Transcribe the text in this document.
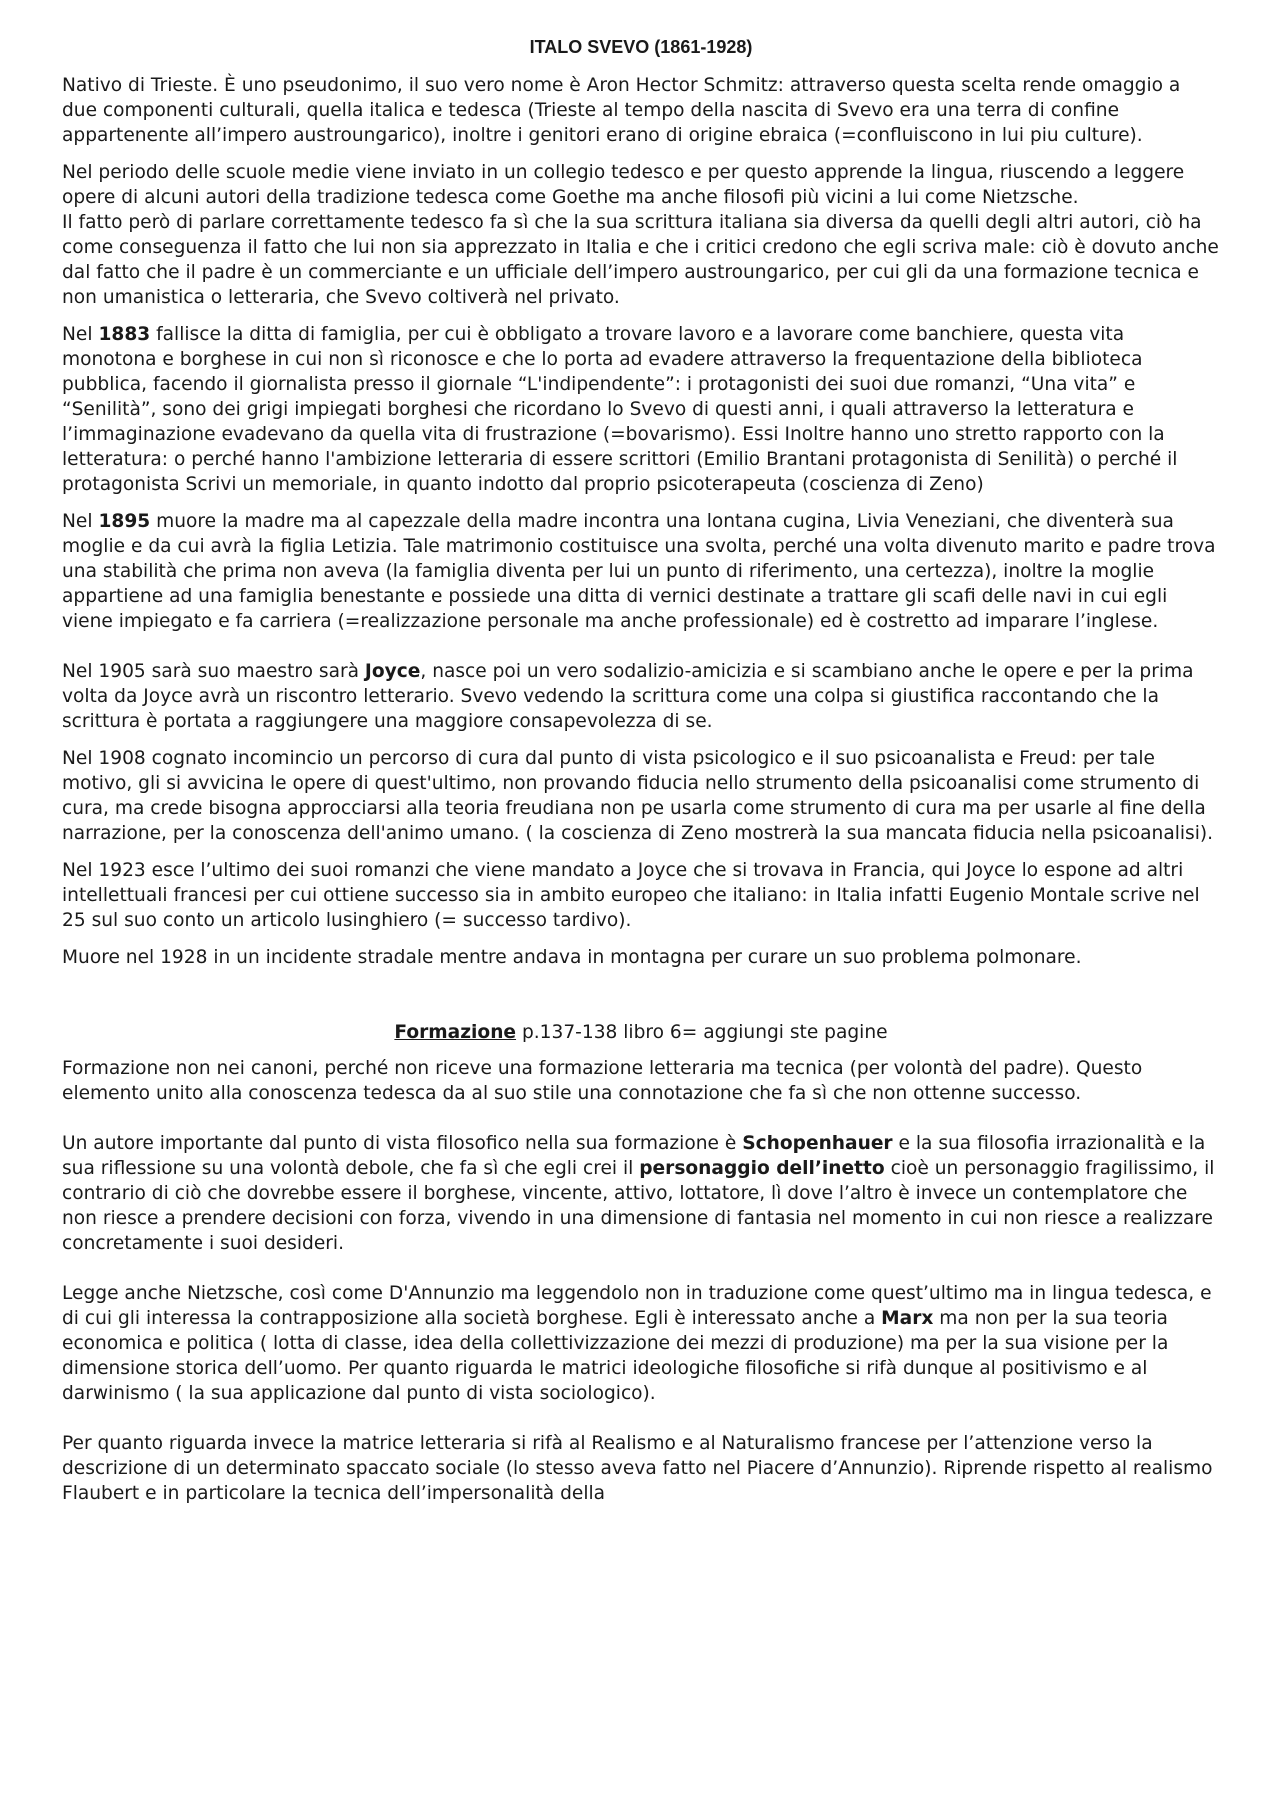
ITALO SVEVO (1861-1928)

Nativo di Trieste. È uno pseudonimo, il suo vero nome è Aron Hector Schmitz: attraverso questa scelta rende omaggio a due componenti culturali, quella italica e tedesca (Trieste al tempo della nascita di Svevo era una terra di confine appartenente all’impero austroungarico), inoltre i genitori erano di origine ebraica (=confluiscono in lui piu culture).

Nel periodo delle scuole medie viene inviato in un collegio tedesco e per questo apprende la lingua, riuscendo a leggere opere di alcuni autori della tradizione tedesca come Goethe ma anche filosofi più vicini a lui come Nietzsche.

Il fatto però di parlare correttamente tedesco fa sì che la sua scrittura italiana sia diversa da quelli degli altri autori, ciò ha come conseguenza il fatto che lui non sia apprezzato in Italia e che i critici credono che egli scriva male: ciò è dovuto anche dal fatto che il padre è un commerciante e un ufficiale dell’impero austroungarico, per cui gli da una formazione tecnica e non umanistica o letteraria, che Svevo coltiverà nel privato.

Nel 1883 fallisce la ditta di famiglia, per cui è obbligato a trovare lavoro e a lavorare come banchiere, questa vita monotona e borghese in cui non sì riconosce e che lo porta ad evadere attraverso la frequentazione della biblioteca pubblica, facendo il giornalista presso il giornale “L'indipendente”: i protagonisti dei suoi due romanzi, “Una vita” e “Senilità”, sono dei grigi impiegati borghesi che ricordano lo Svevo di questi anni, i quali attraverso la letteratura e l’immaginazione evadevano da quella vita di frustrazione (=bovarismo). Essi Inoltre hanno uno stretto rapporto con la letteratura: o perché hanno l'ambizione letteraria di essere scrittori (Emilio Brantani protagonista di Senilità) o perché il protagonista Scrivi un memoriale, in quanto indotto dal proprio psicoterapeuta (coscienza di Zeno)

Nel 1895 muore la madre ma al capezzale della madre incontra una lontana cugina, Livia Veneziani, che diventerà sua moglie e da cui avrà la figlia Letizia. Tale matrimonio costituisce una svolta, perché una volta divenuto marito e padre trova una stabilità che prima non aveva (la famiglia diventa per lui un punto di riferimento, una certezza), inoltre la moglie appartiene ad una famiglia benestante e possiede una ditta di vernici destinate a trattare gli scafi delle navi in cui egli viene impiegato e fa carriera (=realizzazione personale ma anche professionale) ed è costretto ad imparare l’inglese.

Nel 1905 sarà suo maestro sarà Joyce, nasce poi un vero sodalizio-amicizia e si scambiano anche le opere e per la prima volta da Joyce avrà un riscontro letterario. Svevo vedendo la scrittura come una colpa si giustifica raccontando che la scrittura è portata a raggiungere una maggiore consapevolezza di se.

Nel 1908 cognato incomincio un percorso di cura dal punto di vista psicologico e il suo psicoanalista e Freud: per tale motivo, gli si avvicina le opere di quest'ultimo, non provando fiducia nello strumento della psicoanalisi come strumento di cura, ma crede bisogna approcciarsi alla teoria freudiana non pe usarla come strumento di cura ma per usarle al fine della narrazione, per la conoscenza dell'animo umano. ( la coscienza di Zeno mostrerà la sua mancata fiducia nella psicoanalisi).

Nel 1923 esce l’ultimo dei suoi romanzi che viene mandato a Joyce che si trovava in Francia, qui Joyce lo espone ad altri intellettuali francesi per cui ottiene successo sia in ambito europeo che italiano: in Italia infatti Eugenio Montale scrive nel 25 sul suo conto un articolo lusinghiero (= successo tardivo).

Muore nel 1928 in un incidente stradale mentre andava in montagna per curare un suo problema polmonare.

Formazione p.137-138 libro 6= aggiungi ste pagine

Formazione non nei canoni, perché non riceve una formazione letteraria ma tecnica (per volontà del padre). Questo elemento unito alla conoscenza tedesca da al suo stile una connotazione che fa sì che non ottenne successo.

Un autore importante dal punto di vista filosofico nella sua formazione è Schopenhauer e la sua filosofia irrazionalità e la sua riflessione su una volontà debole, che fa sì che egli crei il personaggio dell’inetto cioè un personaggio fragilissimo, il contrario di ciò che dovrebbe essere il borghese, vincente, attivo, lottatore, lì dove l’altro è invece un contemplatore che non riesce a prendere decisioni con forza, vivendo in una dimensione di fantasia nel momento in cui non riesce a realizzare concretamente i suoi desideri.

Legge anche Nietzsche, così come D'Annunzio ma leggendolo non in traduzione come quest’ultimo ma in lingua tedesca, e di cui gli interessa la contrapposizione alla società borghese. Egli è interessato anche a Marx ma non per la sua teoria economica e politica ( lotta di classe, idea della collettivizzazione dei mezzi di produzione) ma per la sua visione per la dimensione storica dell’uomo. Per quanto riguarda le matrici ideologiche filosofiche si rifà dunque al positivismo e al darwinismo ( la sua applicazione dal punto di vista sociologico).

Per quanto riguarda invece la matrice letteraria si rifà al Realismo e al Naturalismo francese per l’attenzione verso la descrizione di un determinato spaccato sociale (lo stesso aveva fatto nel Piacere d’Annunzio). Riprende rispetto al realismo Flaubert e in particolare la tecnica dell’impersonalità della
